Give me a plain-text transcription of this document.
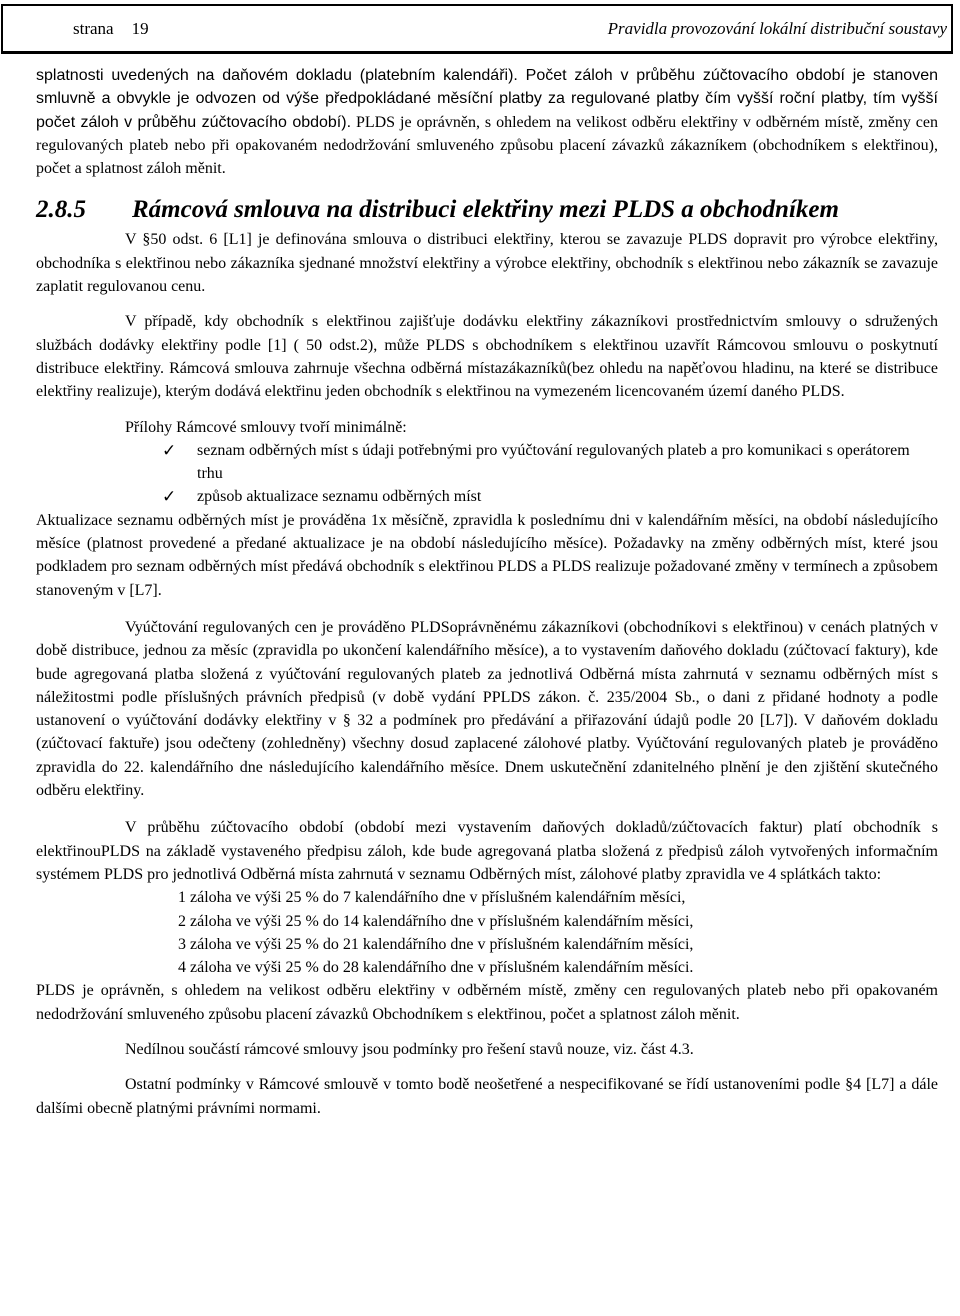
strana 19	Pravidla provozování lokální distribuční soustavy

splatnosti uvedených na daňovém dokladu (platebním kalendáři). Počet záloh v průběhu zúčtovacího období je stanoven smluvně a obvykle je odvozen od výše předpokládané měsíční platby za regulované platby čím vyšší roční platby, tím vyšší počet záloh v průběhu zúčtovacího období). PLDS je oprávněn, s ohledem na velikost odběru elektřiny v odběrném místě, změny cen regulovaných plateb nebo při opakovaném nedodržování smluveného způsobu placení závazků zákazníkem (obchodníkem s elektřinou), počet a splatnost záloh měnit.

2.8.5	Rámcová smlouva na distribuci elektřiny mezi PLDS a obchodníkem

V §50 odst. 6 [L1] je definována smlouva o distribuci elektřiny, kterou se zavazuje PLDS dopravit pro výrobce elektřiny, obchodníka s elektřinou nebo zákazníka sjednané množství elektřiny a výrobce elektřiny, obchodník s elektřinou nebo zákazník se zavazuje zaplatit regulovanou cenu.

V případě, kdy obchodník s elektřinou zajišťuje dodávku elektřiny zákazníkovi prostřednictvím smlouvy o sdružených službách dodávky elektřiny podle [1] ( 50 odst.2), může PLDS s obchodníkem s elektřinou uzavřít Rámcovou smlouvu o poskytnutí distribuce elektřiny. Rámcová smlouva zahrnuje všechna odběrná místazákazníků(bez ohledu na napěťovou hladinu, na které se distribuce elektřiny realizuje), kterým dodává elektřinu jeden obchodník s elektřinou na vymezeném licencovaném území daného PLDS.

Přílohy Rámcové smlouvy tvoří minimálně:

✓	seznam odběrných míst s údaji potřebnými pro vyúčtování regulovaných plateb a pro komunikaci s operátorem trhu
✓	způsob aktualizace seznamu odběrných míst

Aktualizace seznamu odběrných míst je prováděna 1x měsíčně, zpravidla k poslednímu dni v kalendářním měsíci, na období následujícího měsíce (platnost provedené a předané aktualizace je na období následujícího měsíce). Požadavky na změny odběrných míst, které jsou podkladem pro seznam odběrných míst předává obchodník s elektřinou PLDS a PLDS realizuje požadované změny v termínech a způsobem stanoveným v [L7].

Vyúčtování regulovaných cen je prováděno PLDSoprávněnému zákazníkovi (obchodníkovi s elektřinou) v cenách platných v době distribuce, jednou za měsíc (zpravidla po ukončení kalendářního měsíce), a to vystavením daňového dokladu (zúčtovací faktury), kde bude agregovaná platba složená z vyúčtování regulovaných plateb za jednotlivá Odběrná místa zahrnutá v seznamu odběrných míst s náležitostmi podle příslušných právních předpisů (v době vydání PPLDS zákon. č. 235/2004 Sb., o dani z přidané hodnoty a podle ustanovení o vyúčtování dodávky elektřiny v § 32 a podmínek pro předávání a přiřazování údajů podle 20 [L7]). V daňovém dokladu (zúčtovací faktuře) jsou odečteny (zohledněny) všechny dosud zaplacené zálohové platby. Vyúčtování regulovaných plateb je prováděno zpravidla do 22. kalendářního dne následujícího kalendářního měsíce. Dnem uskutečnění zdanitelného plnění je den zjištění skutečného odběru elektřiny.

V průběhu zúčtovacího období (období mezi vystavením daňových dokladů/zúčtovacích faktur) platí obchodník s elektřinouPLDS na základě vystaveného předpisu záloh, kde bude agregovaná platba složená z předpisů záloh vytvořených informačním systémem PLDS pro jednotlivá Odběrná místa zahrnutá v seznamu Odběrných míst, zálohové platby zpravidla ve 4 splátkách takto:

1 záloha ve výši 25 % do 7 kalendářního dne v příslušném kalendářním měsíci,
2 záloha ve výši 25 % do 14 kalendářního dne v příslušném kalendářním měsíci,
3 záloha ve výši 25 % do 21 kalendářního dne v příslušném kalendářním měsíci,
4 záloha ve výši 25 % do 28 kalendářního dne v příslušném kalendářním měsíci.

PLDS je oprávněn, s ohledem na velikost odběru elektřiny v odběrném místě, změny cen regulovaných plateb nebo při opakovaném nedodržování smluveného způsobu placení závazků Obchodníkem s elektřinou, počet a splatnost záloh měnit.

Nedílnou součástí rámcové smlouvy jsou podmínky pro řešení stavů nouze, viz. část 4.3.

Ostatní podmínky v Rámcové smlouvě v tomto bodě neošetřené a nespecifikované se řídí ustanoveními podle §4 [L7] a dále dalšími obecně platnými právními normami.
